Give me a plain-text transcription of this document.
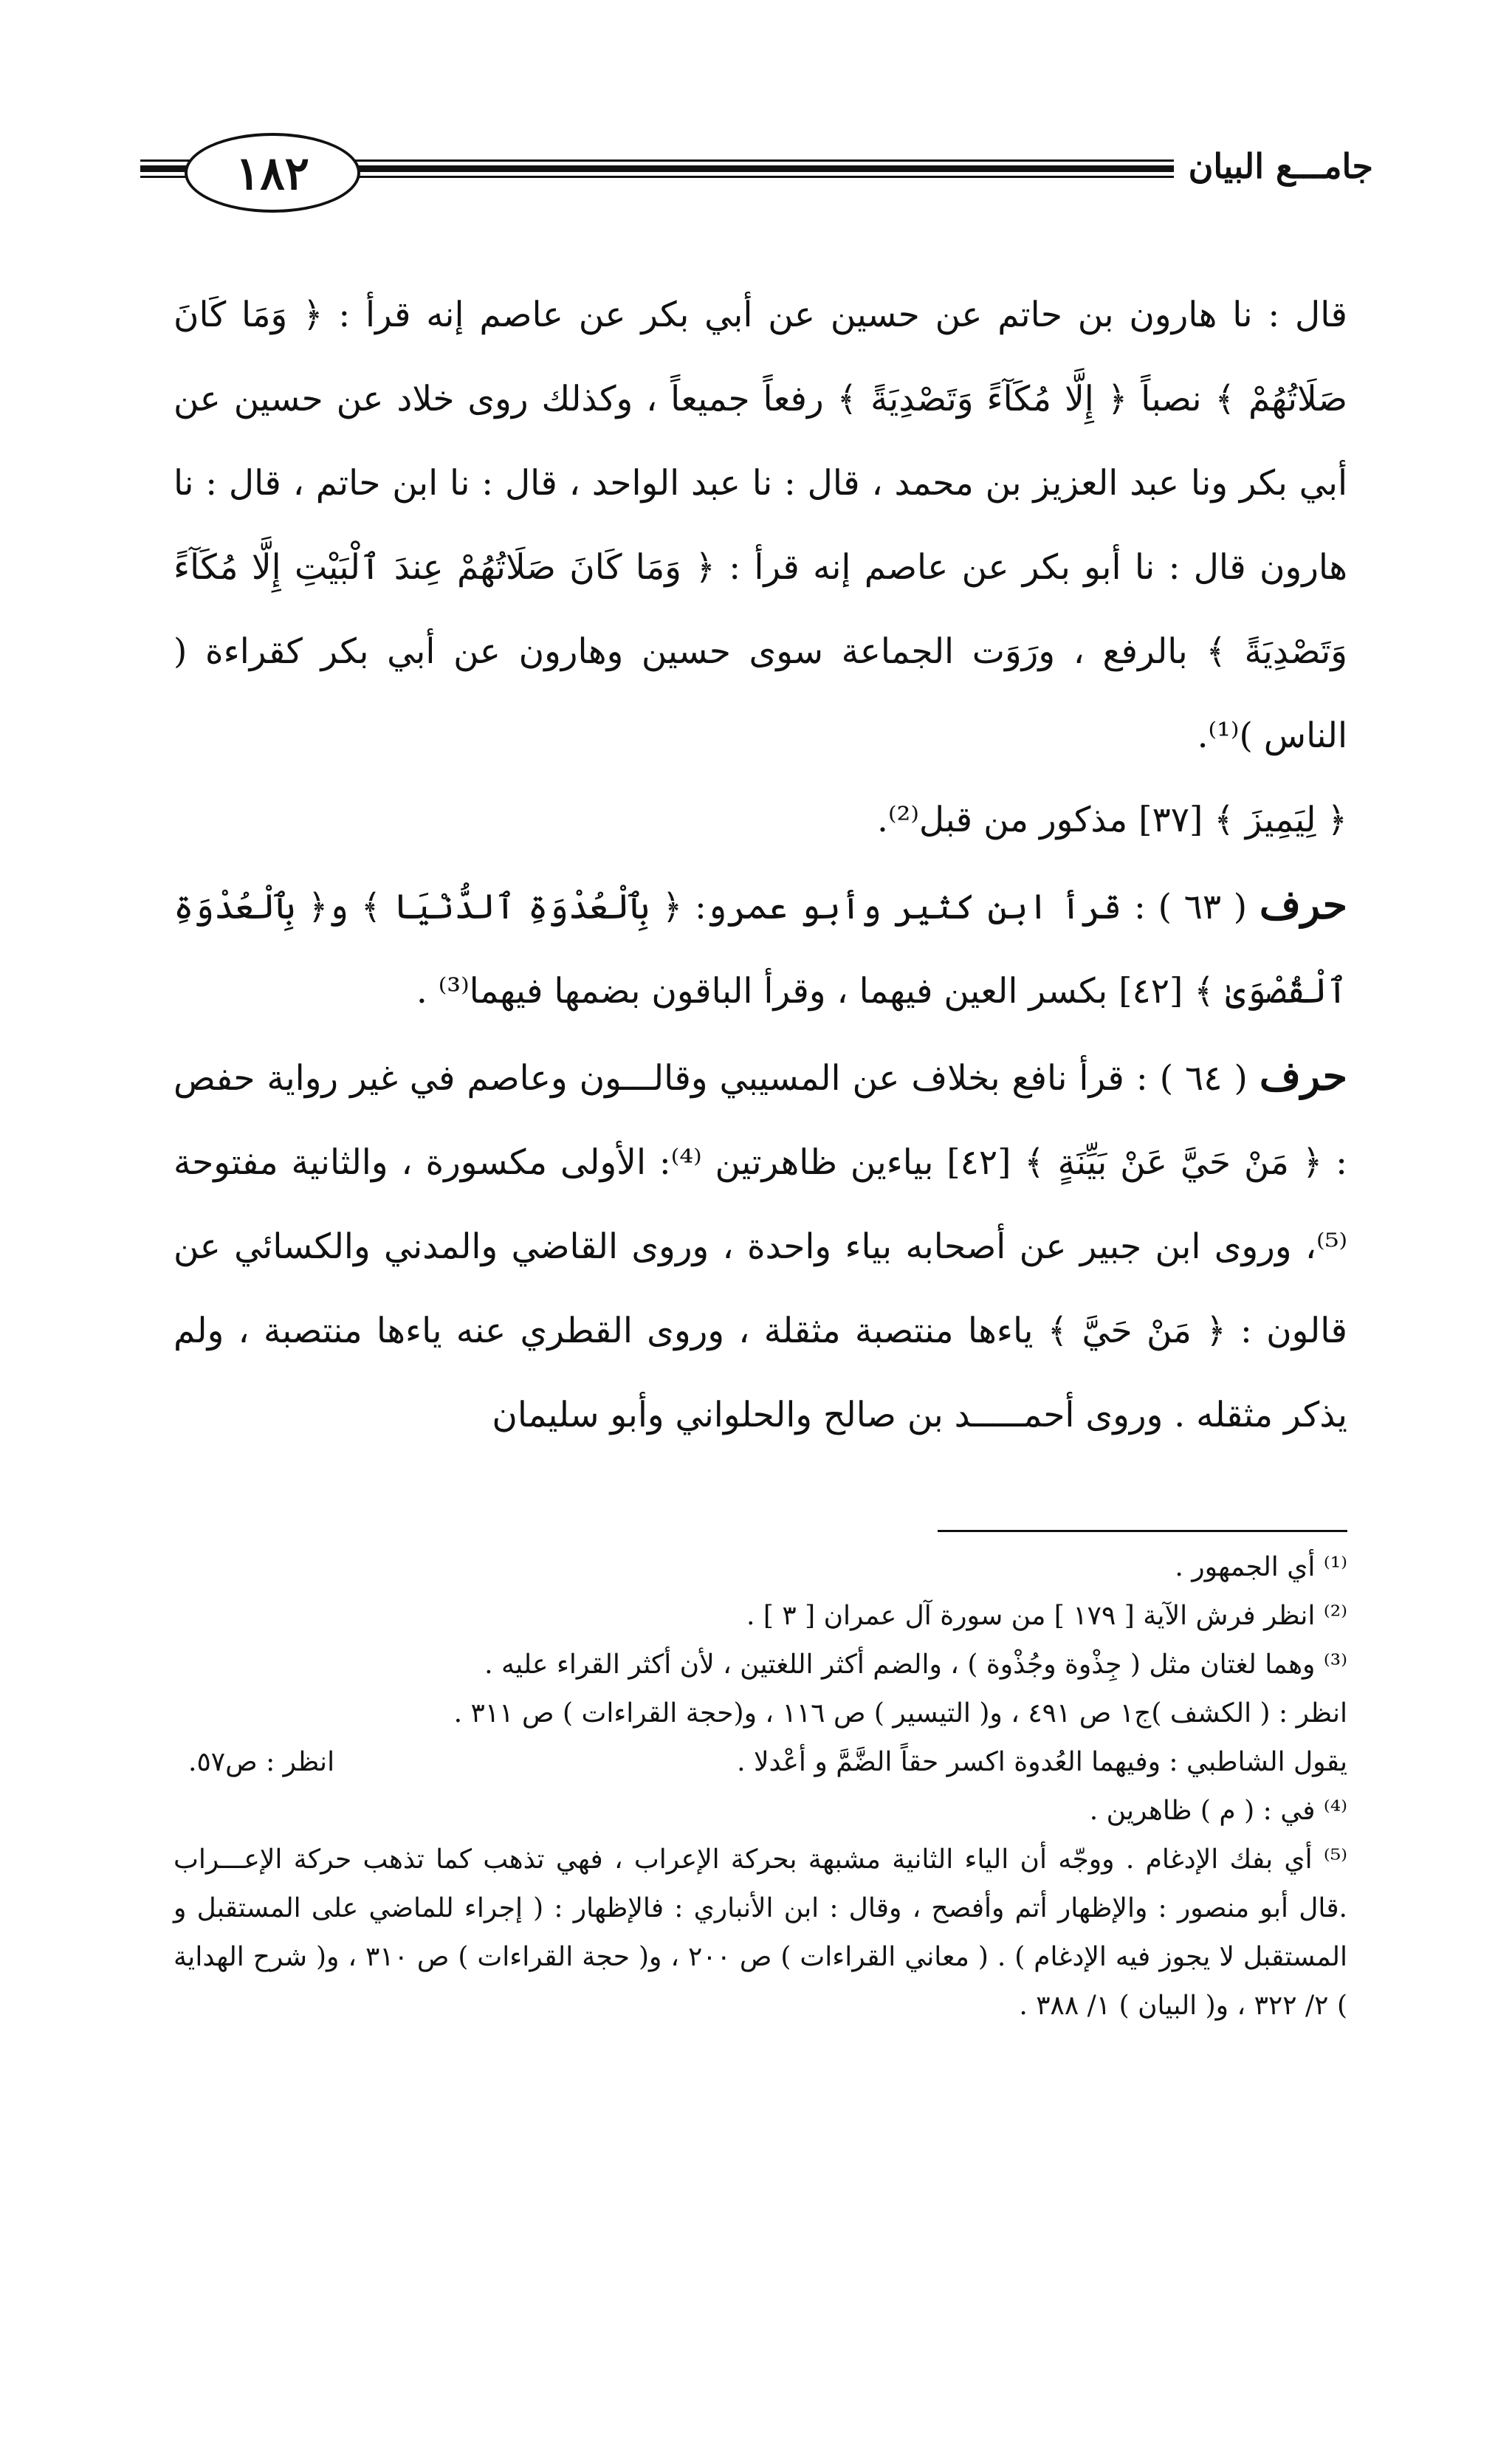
١٨٢	جامـــع البيان

قال : نا هارون بن حاتم عن حسين عن أبي بكر عن عاصم إنه قرأ : ﴿ وَمَا كَانَ صَلَاتُهُمْ ﴾ نصباً ﴿ إِلَّا مُكَآءً وَتَصْدِيَةً ﴾ رفعاً جميعاً ، وكذلك روى خلاد عن حسين عن أبي بكر ونا عبد العزيز بن محمد ، قال : نا عبد الواحد ، قال : نا ابن حاتم ، قال : نا هارون قال : نا أبو بكر عن عاصم إنه قرأ : ﴿ وَمَا كَانَ صَلَاتُهُمْ عِندَ ٱلْبَيْتِ إِلَّا مُكَآءً وَتَصْدِيَةً ﴾ بالرفع ، ورَوَت الجماعة سوى حسين وهارون عن أبي بكر كقراءة ( الناس )⁽¹⁾.

﴿ لِيَمِيزَ ﴾ [٣٧] مذكور من قبل⁽²⁾.

حرف ( ٦٣ ) : قرأ ابن كثير وأبو عمرو: ﴿ بِٱلْعُدْوَةِ ٱلدُّنْيَا ﴾ و﴿ بِٱلْعُدْوَةِ ٱلْقُصْوَىٰ ﴾ [٤٢] بكسر العين فيهما ، وقرأ الباقون بضمها فيهما⁽³⁾ .

حرف ( ٦٤ ) : قرأ نافع بخلاف عن المسيبي وقالـــون وعاصم في غير رواية حفص : ﴿ مَنْ حَيَّ عَنْ بَيِّنَةٍ ﴾ [٤٢] بياءين ظاهرتين ⁽⁴⁾: الأولى مكسورة ، والثانية مفتوحة ⁽⁵⁾، وروى ابن جبير عن أصحابه بياء واحدة ، وروى القاضي والمدني والكسائي عن قالون : ﴿ مَنْ حَيَّ ﴾ ياءها منتصبة مثقلة ، وروى القطري عنه ياءها منتصبة ، ولم يذكر مثقله . وروى أحمـــــد بن صالح والحلواني وأبو سليمان

⁽¹⁾ أي الجمهور .

⁽²⁾ انظر فرش الآية [ ١٧٩ ] من سورة آل عمران [ ٣ ] .

⁽³⁾ وهما لغتان مثل ( جِذْوة وجُذْوة ) ، والضم أكثر اللغتين ، لأن أكثر القراء عليه .

انظر : ( الكشف )ج١ ص ٤٩١ ، و( التيسير ) ص ١١٦ ، و(حجة القراءات ) ص ٣١١ .

يقول الشاطبي : وفيهما العُدوة اكسر حقاً الضَّمَّ و أعْدلا .
انظر : ص٥٧.

⁽⁴⁾ في : ( م ) ظاهرين .

⁽⁵⁾ أي بفك الإدغام . ووجّه أن الياء الثانية مشبهة بحركة الإعراب ، فهي تذهب كما تذهب حركة الإعـــراب .قال أبو منصور : والإظهار أتم وأفصح ، وقال : ابن الأنباري : فالإظهار : ( إجراء للماضي على المستقبل و المستقبل لا يجوز فيه الإدغام ) . ( معاني القراءات ) ص ٢٠٠ ، و( حجة القراءات ) ص ٣١٠ ، و( شرح الهداية ) ٢/ ٣٢٢ ، و( البيان ) ١/ ٣٨٨ .
